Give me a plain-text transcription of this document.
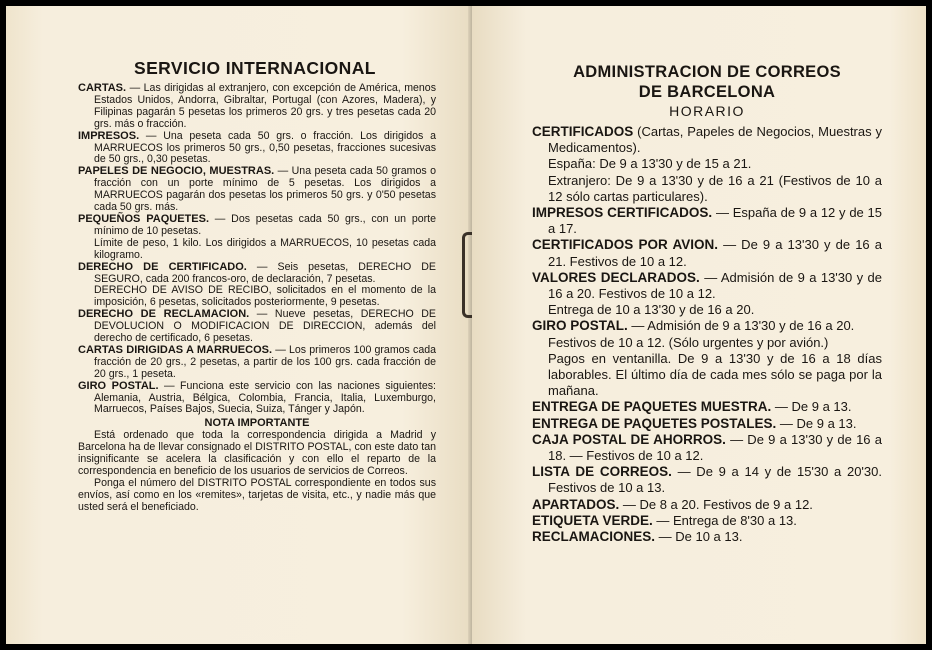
SERVICIO INTERNACIONAL

CARTAS. — Las dirigidas al extranjero, con excepción de América, menos Estados Unidos, Andorra, Gibraltar, Portugal (con Azores, Madera), y Filipinas pagarán 5 pesetas los primeros 20 grs. y tres pesetas cada 20 grs. más o fracción.

IMPRESOS. — Una peseta cada 50 grs. o fracción. Los dirigidos a MARRUECOS los primeros 50 grs., 0,50 pesetas, fracciones sucesivas de 50 grs., 0,30 pesetas.

PAPELES DE NEGOCIO, MUESTRAS. — Una peseta cada 50 gramos o fracción con un porte mínimo de 5 pesetas. Los dirigidos a MARRUECOS pagarán dos pesetas los primeros 50 grs. y 0'50 pesetas cada 50 grs. más.

PEQUEÑOS PAQUETES. — Dos pesetas cada 50 grs., con un porte mínimo de 10 pesetas.

Límite de peso, 1 kilo. Los dirigidos a MARRUECOS, 10 pesetas cada kilogramo.

DERECHO DE CERTIFICADO. — Seis pesetas, DERECHO DE SEGURO, cada 200 francos-oro, de declaración, 7 pesetas.

DERECHO DE AVISO DE RECIBO, solicitados en el momento de la imposición, 6 pesetas, solicitados posteriormente, 9 pesetas.

DERECHO DE RECLAMACION. — Nueve pesetas, DERECHO DE DEVOLUCION O MODIFICACION DE DIRECCION, además del derecho de certificado, 6 pesetas.

CARTAS DIRIGIDAS A MARRUECOS. — Los primeros 100 gramos cada fracción de 20 grs., 2 pesetas, a partir de los 100 grs. cada fracción de 20 grs., 1 peseta.

GIRO POSTAL. — Funciona este servicio con las naciones siguientes: Alemania, Austria, Bélgica, Colombia, Francia, Italia, Luxemburgo, Marruecos, Países Bajos, Suecia, Suiza, Tánger y Japón.

NOTA IMPORTANTE

Está ordenado que toda la correspondencia dirigida a Madrid y Barcelona ha de llevar consignado el DISTRITO POSTAL, con este dato tan insignificante se acelera la clasificación y con ello el reparto de la correspondencia en beneficio de los usuarios de servicios de Correos.

Ponga el número del DISTRITO POSTAL correspondiente en todos sus envíos, así como en los «remites», tarjetas de visita, etc., y nadie más que usted será el beneficiado.

ADMINISTRACION DE CORREOS
DE BARCELONA
HORARIO

CERTIFICADOS (Cartas, Papeles de Negocios, Muestras y Medicamentos).

España: De 9 a 13'30 y de 15 a 21.

Extranjero: De 9 a 13'30 y de 16 a 21 (Festivos de 10 a 12 sólo cartas particulares).

IMPRESOS CERTIFICADOS. — España de 9 a 12 y de 15 a 17.

CERTIFICADOS POR AVION. — De 9 a 13'30 y de 16 a 21. Festivos de 10 a 12.

VALORES DECLARADOS. — Admisión de 9 a 13'30 y de 16 a 20. Festivos de 10 a 12.

Entrega de 10 a 13'30 y de 16 a 20.

GIRO POSTAL. — Admisión de 9 a 13'30 y de 16 a 20.

Festivos de 10 a 12. (Sólo urgentes y por avión.)

Pagos en ventanilla. De 9 a 13'30 y de 16 a 18 días laborables. El último día de cada mes sólo se paga por la mañana.

ENTREGA DE PAQUETES MUESTRA. — De 9 a 13.

ENTREGA DE PAQUETES POSTALES. — De 9 a 13.

CAJA POSTAL DE AHORROS. — De 9 a 13'30 y de 16 a 18. — Festivos de 10 a 12.

LISTA DE CORREOS. — De 9 a 14 y de 15'30 a 20'30. Festivos de 10 a 13.

APARTADOS. — De 8 a 20. Festivos de 9 a 12.

ETIQUETA VERDE. — Entrega de 8'30 a 13.

RECLAMACIONES. — De 10 a 13.
